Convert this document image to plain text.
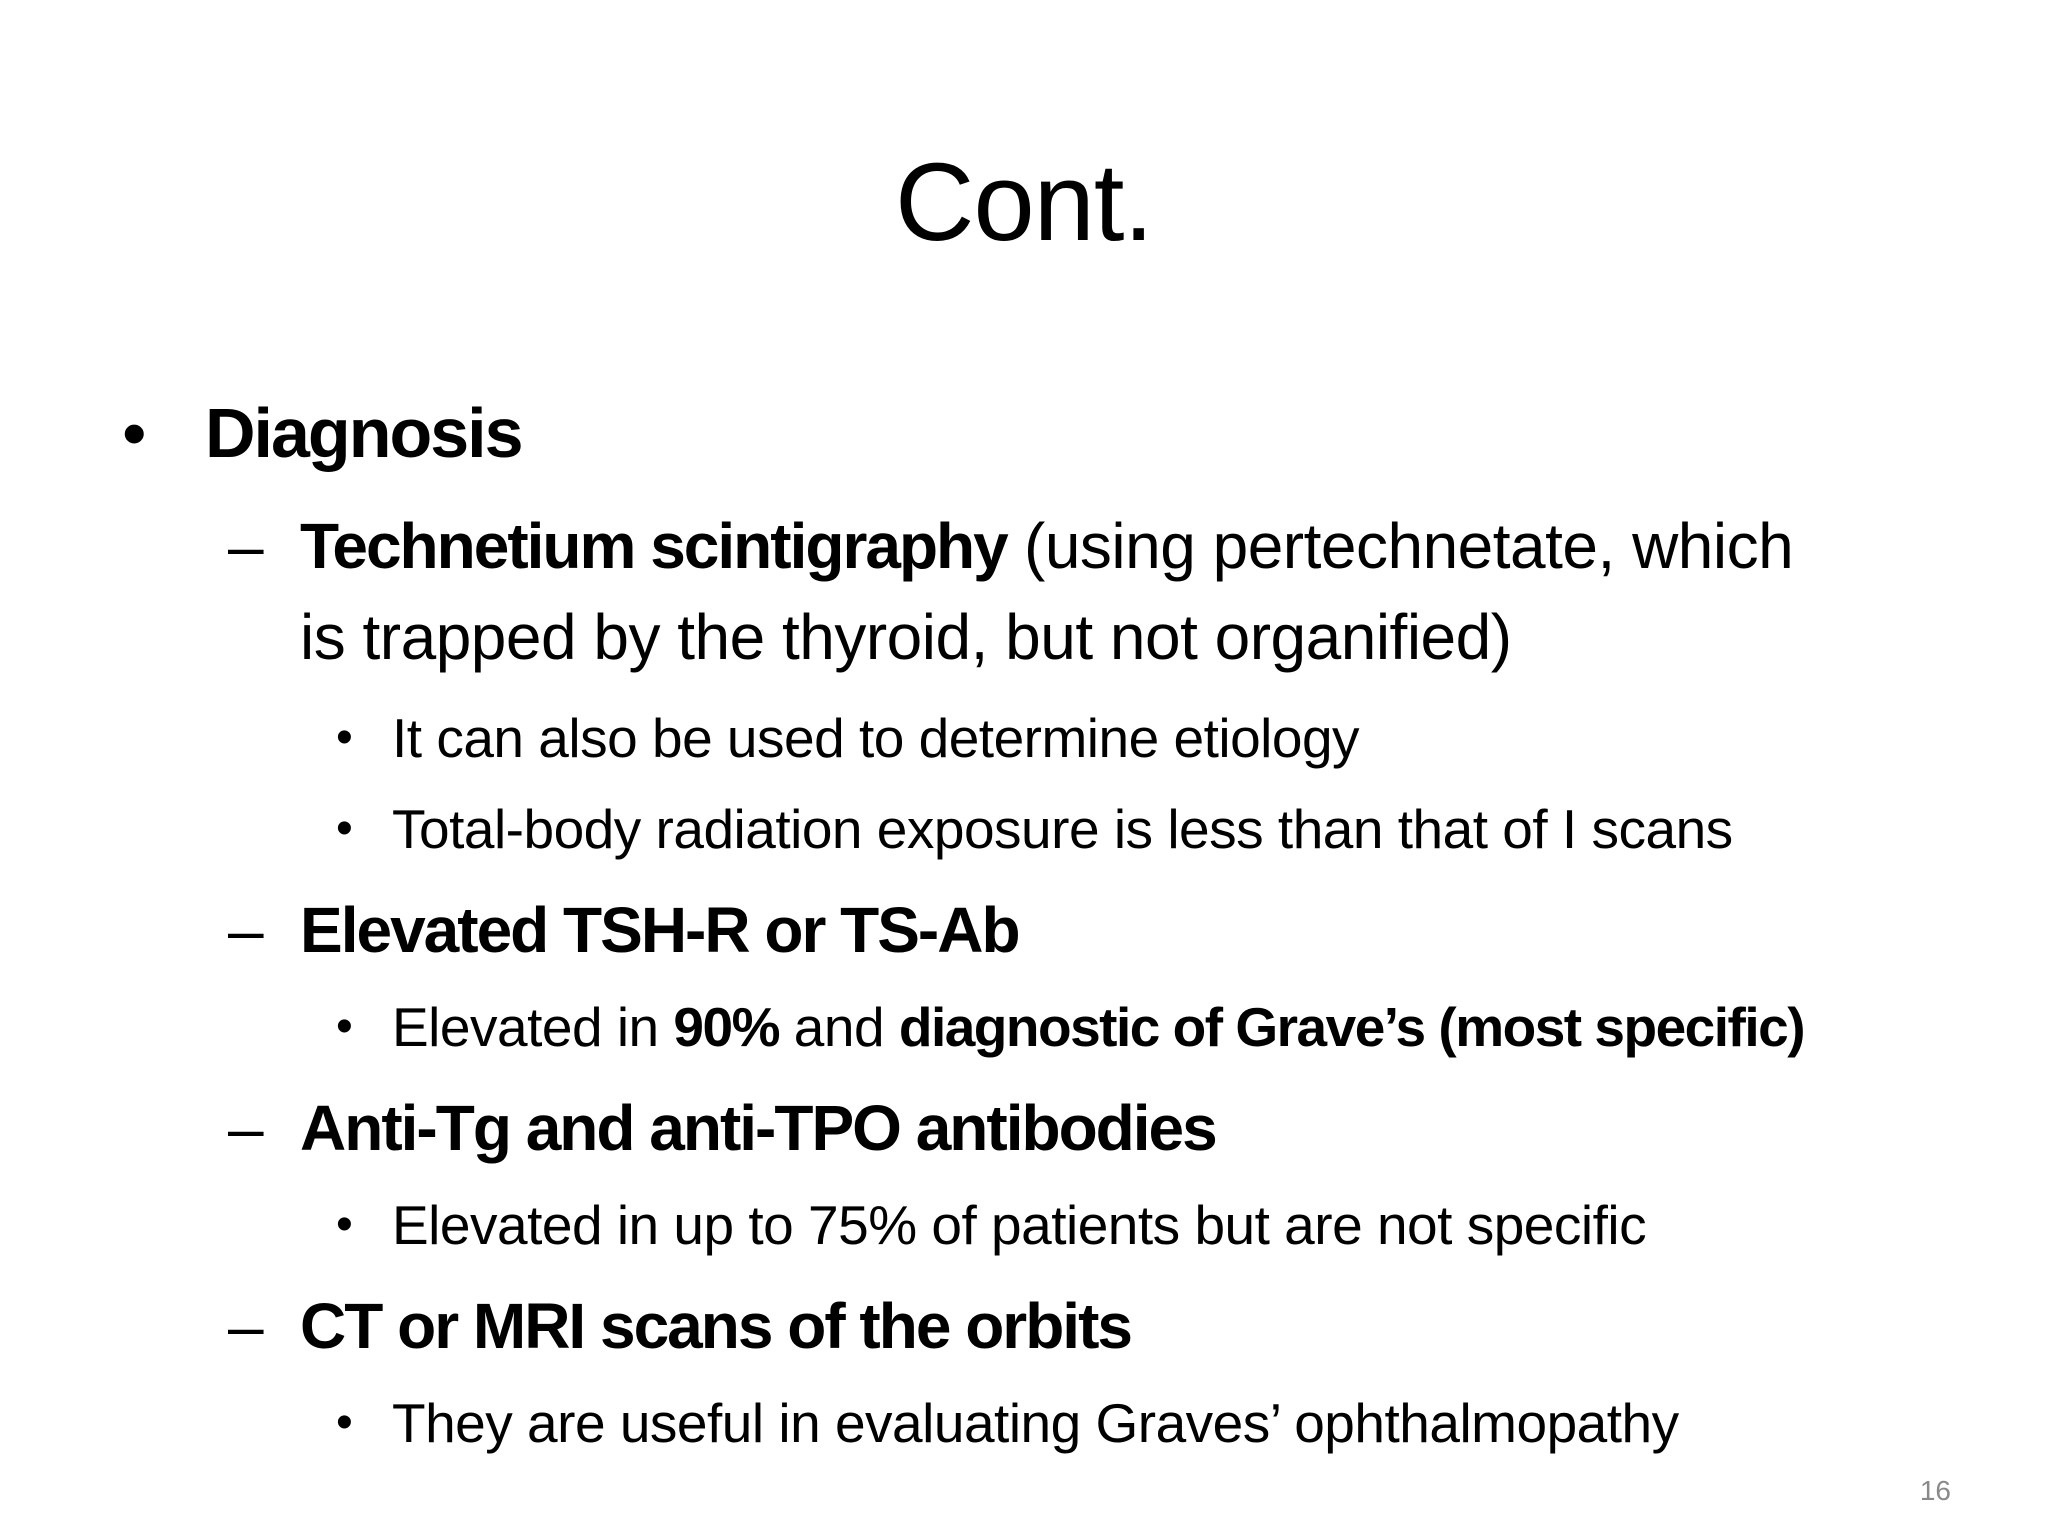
Cont.
• Diagnosis
– Technetium scintigraphy (using pertechnetate, which
is trapped by the thyroid, but not organified)
• It can also be used to determine etiology
• Total-body radiation exposure is less than that of I scans
– Elevated TSH-R or TS-Ab
• Elevated in 90% and diagnostic of Grave’s (most specific)
– Anti-Tg and anti-TPO antibodies
• Elevated in up to 75% of patients but are not specific
– CT or MRI scans of the orbits
• They are useful in evaluating Graves’ ophthalmopathy
16
